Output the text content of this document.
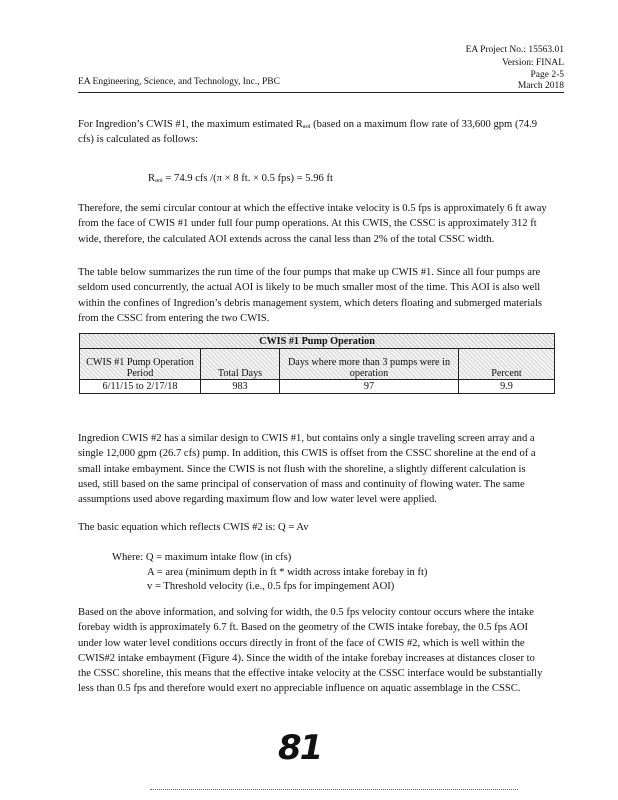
EA Project No.: 15563.01
Version: FINAL
Page 2-5
March 2018
EA Engineering, Science, and Technology, Inc., PBC
For Ingredion’s CWIS #1, the maximum estimated Rₐₒᵢ (based on a maximum flow rate of 33,600 gpm (74.9 cfs) is calculated as follows:
Rₐₒᵢ = 74.9 cfs /(π × 8 ft. × 0.5 fps) = 5.96 ft
Therefore, the semi circular contour at which the effective intake velocity is 0.5 fps is approximately 6 ft away from the face of CWIS #1 under full four pump operations. At this CWIS, the CSSC is approximately 312 ft wide, therefore, the calculated AOI extends across the canal less than 2% of the total CSSC width.
The table below summarizes the run time of the four pumps that make up CWIS #1. Since all four pumps are seldom used concurrently, the actual AOI is likely to be much smaller most of the time. This AOI is also well within the confines of Ingredion’s debris management system, which deters floating and submerged materials from the CSSC from entering the two CWIS.
CWIS #1 Pump Operation			
CWIS #1 Pump Operation Period	Total Days	Days where more than 3 pumps were in operation	Percent
6/11/15 to 2/17/18	983	97	9.9
Ingredion CWIS #2 has a similar design to CWIS #1, but contains only a single traveling screen array and a single 12,000 gpm (26.7 cfs) pump. In addition, this CWIS is offset from the CSSC shoreline at the end of a small intake embayment. Since the CWIS is not flush with the shoreline, a slightly different calculation is used, still based on the same principal of conservation of mass and continuity of flowing water. The same assumptions used above regarding maximum flow and low water level were applied.
The basic equation which reflects CWIS #2 is: Q = Av
Where: Q = maximum intake flow (in cfs)
A = area (minimum depth in ft * width across intake forebay in ft)
v = Threshold velocity (i.e., 0.5 fps for impingement AOI)
Based on the above information, and solving for width, the 0.5 fps velocity contour occurs where the intake forebay width is approximately 6.7 ft. Based on the geometry of the CWIS intake forebay, the 0.5 fps AOI under low water level conditions occurs directly in front of the face of CWIS #2, which is well within the CWIS#2 intake embayment (Figure 4). Since the width of the intake forebay increases at distances closer to the CSSC shoreline, this means that the effective intake velocity at the CSSC interface would be substantially less than 0.5 fps and therefore would exert no appreciable influence on aquatic assemblage in the CSSC.
81
